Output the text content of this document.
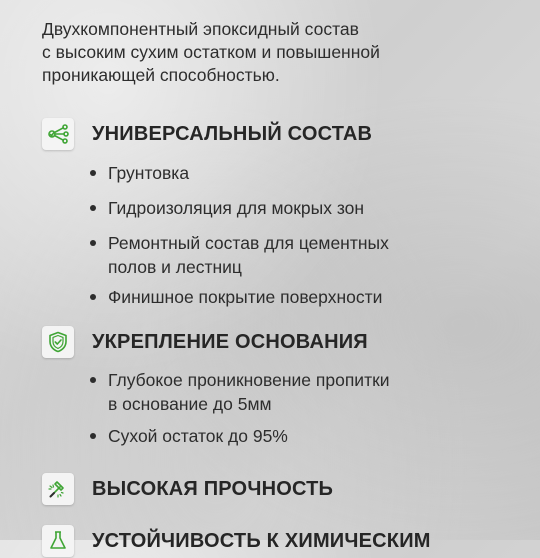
Двухкомпонентный эпоксидный состав
с высоким сухим остатком и повышенной
проникающей способностью.
УНИВЕРСАЛЬНЫЙ СОСТАВ
Грунтовка
Гидроизоляция для мокрых зон
Ремонтный состав для цементных
полов и лестниц
Финишное покрытие поверхности
УКРЕПЛЕНИЕ ОСНОВАНИЯ
Глубокое проникновение пропитки
в основание до 5мм
Сухой остаток до 95%
ВЫСОКАЯ ПРОЧНОСТЬ
УСТОЙЧИВОСТЬ К ХИМИЧЕСКИМ
